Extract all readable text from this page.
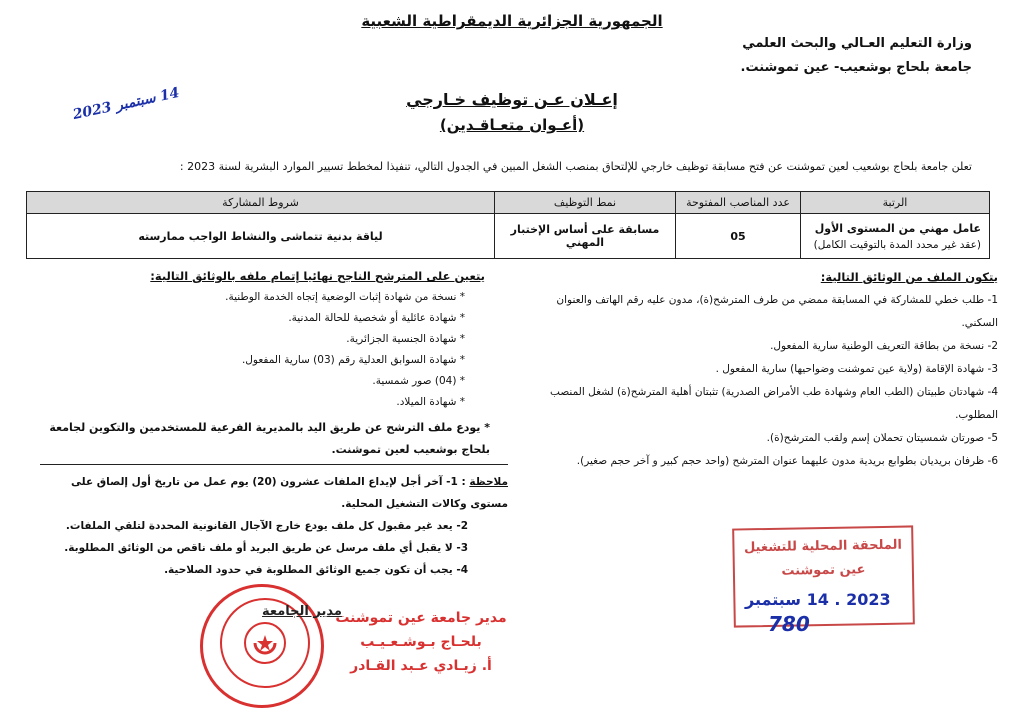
الجمهورية الجزائرية الديمقراطية الشعبية
وزارة التعليم العـالي والبحث العلمي
جامعة بلحاج بوشعيب- عين تموشنت.
14 سبتمبر 2023	إعـلان عـن توظيف خـارجي
(أعـوان متعـاقـدين)
تعلن جامعة بلحاج بوشعيب لعين تموشنت عن فتح مسابقة توظيف خارجي للإلتحاق بمنصب الشغل المبين في الجدول التالي، تنفيذا لمخطط تسيير الموارد البشرية لسنة 2023 :
الرتبة	عدد المناصب المفتوحة	نمط التوظيف	شروط المشاركة
عامل مهني من المستوى الأول
(عقد غير محدد المدة بالتوقيت الكامل)	05	مسابقة على أساس الإختبار المهني	لياقة بدنية تتماشى والنشاط الواجب ممارسته
يتكون الملف من الوثائق التالية:
1- طلب خطي للمشاركة في المسابقة ممضي من طرف المترشح(ة)، مدون عليه رقم الهاتف والعنوان السكني.
2- نسخة من بطاقة التعريف الوطنية سارية المفعول.
3- شهادة الإقامة (ولاية عين تموشنت وضواحيها) سارية المفعول .
4- شهادتان طبيتان (الطب العام وشهادة طب الأمراض الصدرية) تثبتان أهلية المترشح(ة) لشغل المنصب المطلوب.
5- صورتان شمسيتان تحملان إسم ولقب المترشح(ة).
6- ظرفان بريديان بطوابع بريدية مدون عليهما عنوان المترشح (واحد حجم كبير و آخر حجم صغير).
يتعين على المترشح الناجح نهائيا إتمام ملفه بالوثائق التالية:
* نسخة من شهادة إثبات الوضعية إتجاه الخدمة الوطنية.
* شهادة عائلية أو شخصية للحالة المدنية.
* شهادة الجنسية الجزائرية.
* شهادة السوابق العدلية رقم (03) سارية المفعول.
* (04) صور شمسية.
* شهادة الميلاد.
* يودع ملف الترشح عن طريق اليد بالمديرية الفرعية للمستخدمين والتكوين لجامعة بلحاج بوشعيب لعين تموشنت.
ملاحظة : 1- آخر أجل لإيداع الملفات عشرون (20) يوم عمل من تاريخ أول إلصاق على مستوى وكالات التشغيل المحلية.
2- يعد غير مقبول كل ملف يودع خارج الآجال القانونية المحددة لتلقي الملفات.
3- لا يقبل أي ملف مرسل عن طريق البريد أو ملف ناقص من الوثائق المطلوبة.
4- يجب أن تكون جميع الوثائق المطلوبة في حدود الصلاحية.
مدير جامعة عين تموشنت
بلحـاج بـوشـعـيـب
أ. زيـادي عـبد القـادر
مدير الجامعة
الملحقة المحلية للتشغيل
عين تموشنت
2023 . 14 سبتمبر
780
